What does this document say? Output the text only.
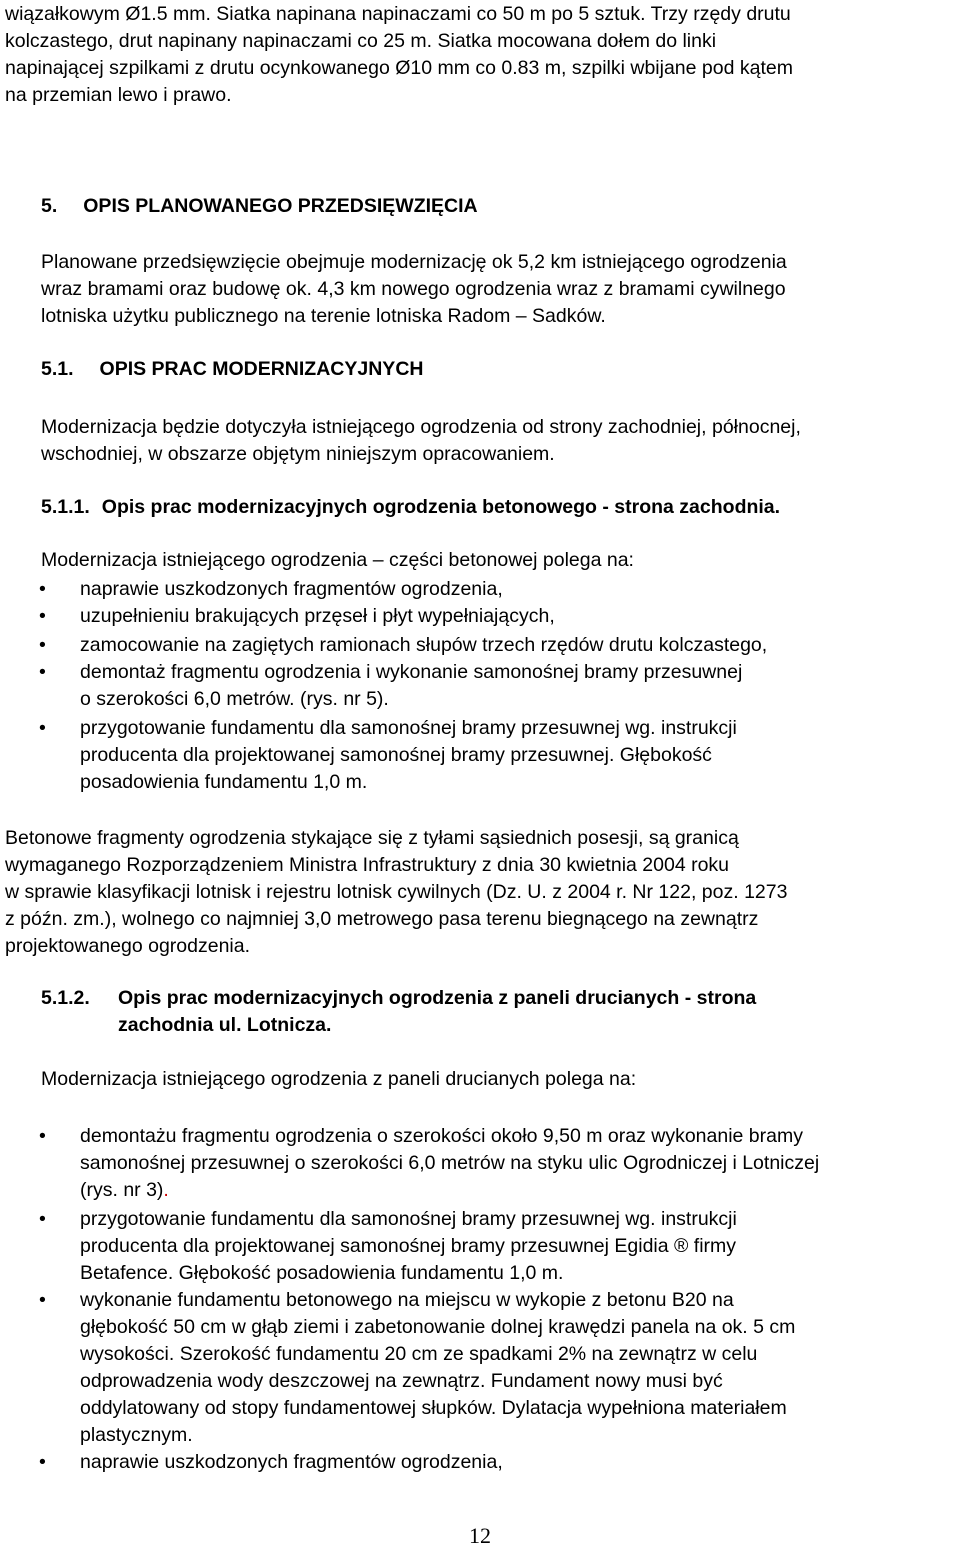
wiązałkowym Ø1.5 mm. Siatka napinana napinaczami co 50 m po 5 sztuk. Trzy rzędy drutu
kolczastego, drut napinany napinaczami co 25 m. Siatka mocowana dołem do linki
napinającej szpilkami z drutu ocynkowanego Ø10 mm co 0.83 m, szpilki wbijane pod kątem
na przemian lewo i prawo.
5. OPIS PLANOWANEGO PRZEDSIĘWZIĘCIA
Planowane przedsięwzięcie obejmuje modernizację ok 5,2 km istniejącego ogrodzenia
wraz bramami oraz budowę ok. 4,3 km nowego ogrodzenia wraz z bramami cywilnego
lotniska użytku publicznego na terenie lotniska Radom – Sadków.
5.1. OPIS PRAC MODERNIZACYJNYCH
Modernizacja będzie dotyczyła istniejącego ogrodzenia od strony zachodniej, północnej,
wschodniej, w obszarze objętym niniejszym opracowaniem.
5.1.1. Opis prac modernizacyjnych ogrodzenia betonowego - strona zachodnia.
Modernizacja istniejącego ogrodzenia – części betonowej polega na:
• naprawie uszkodzonych fragmentów ogrodzenia,
• uzupełnieniu brakujących przęseł i płyt wypełniających,
• zamocowanie na zagiętych ramionach słupów trzech rzędów drutu kolczastego,
• demontaż fragmentu ogrodzenia i wykonanie samonośnej bramy przesuwnej
o szerokości 6,0 metrów. (rys. nr 5).
• przygotowanie fundamentu dla samonośnej bramy przesuwnej wg. instrukcji
producenta dla projektowanej samonośnej bramy przesuwnej. Głębokość
posadowienia fundamentu 1,0 m.
Betonowe fragmenty ogrodzenia stykające się z tyłami sąsiednich posesji, są granicą
wymaganego Rozporządzeniem Ministra Infrastruktury z dnia 30 kwietnia 2004 roku
w sprawie klasyfikacji lotnisk i rejestru lotnisk cywilnych (Dz. U. z 2004 r. Nr 122, poz. 1273
z późn. zm.), wolnego co najmniej 3,0 metrowego pasa terenu biegnącego na zewnątrz
projektowanego ogrodzenia.
5.1.2.	Opis prac modernizacyjnych ogrodzenia z paneli drucianych - strona
zachodnia ul. Lotnicza.
Modernizacja istniejącego ogrodzenia z paneli drucianych polega na:
• demontażu fragmentu ogrodzenia o szerokości około 9,50 m oraz wykonanie bramy
samonośnej przesuwnej o szerokości 6,0 metrów na styku ulic Ogrodniczej i Lotniczej
(rys. nr 3).
• przygotowanie fundamentu dla samonośnej bramy przesuwnej wg. instrukcji
producenta dla projektowanej samonośnej bramy przesuwnej Egidia ® firmy
Betafence. Głębokość posadowienia fundamentu 1,0 m.
• wykonanie fundamentu betonowego na miejscu w wykopie z betonu B20 na
głębokość 50 cm w głąb ziemi i zabetonowanie dolnej krawędzi panela na ok. 5 cm
wysokości. Szerokość fundamentu 20 cm ze spadkami 2% na zewnątrz w celu
odprowadzenia wody deszczowej na zewnątrz. Fundament nowy musi być
oddylatowany od stopy fundamentowej słupków. Dylatacja wypełniona materiałem
plastycznym.
• naprawie uszkodzonych fragmentów ogrodzenia,
12
